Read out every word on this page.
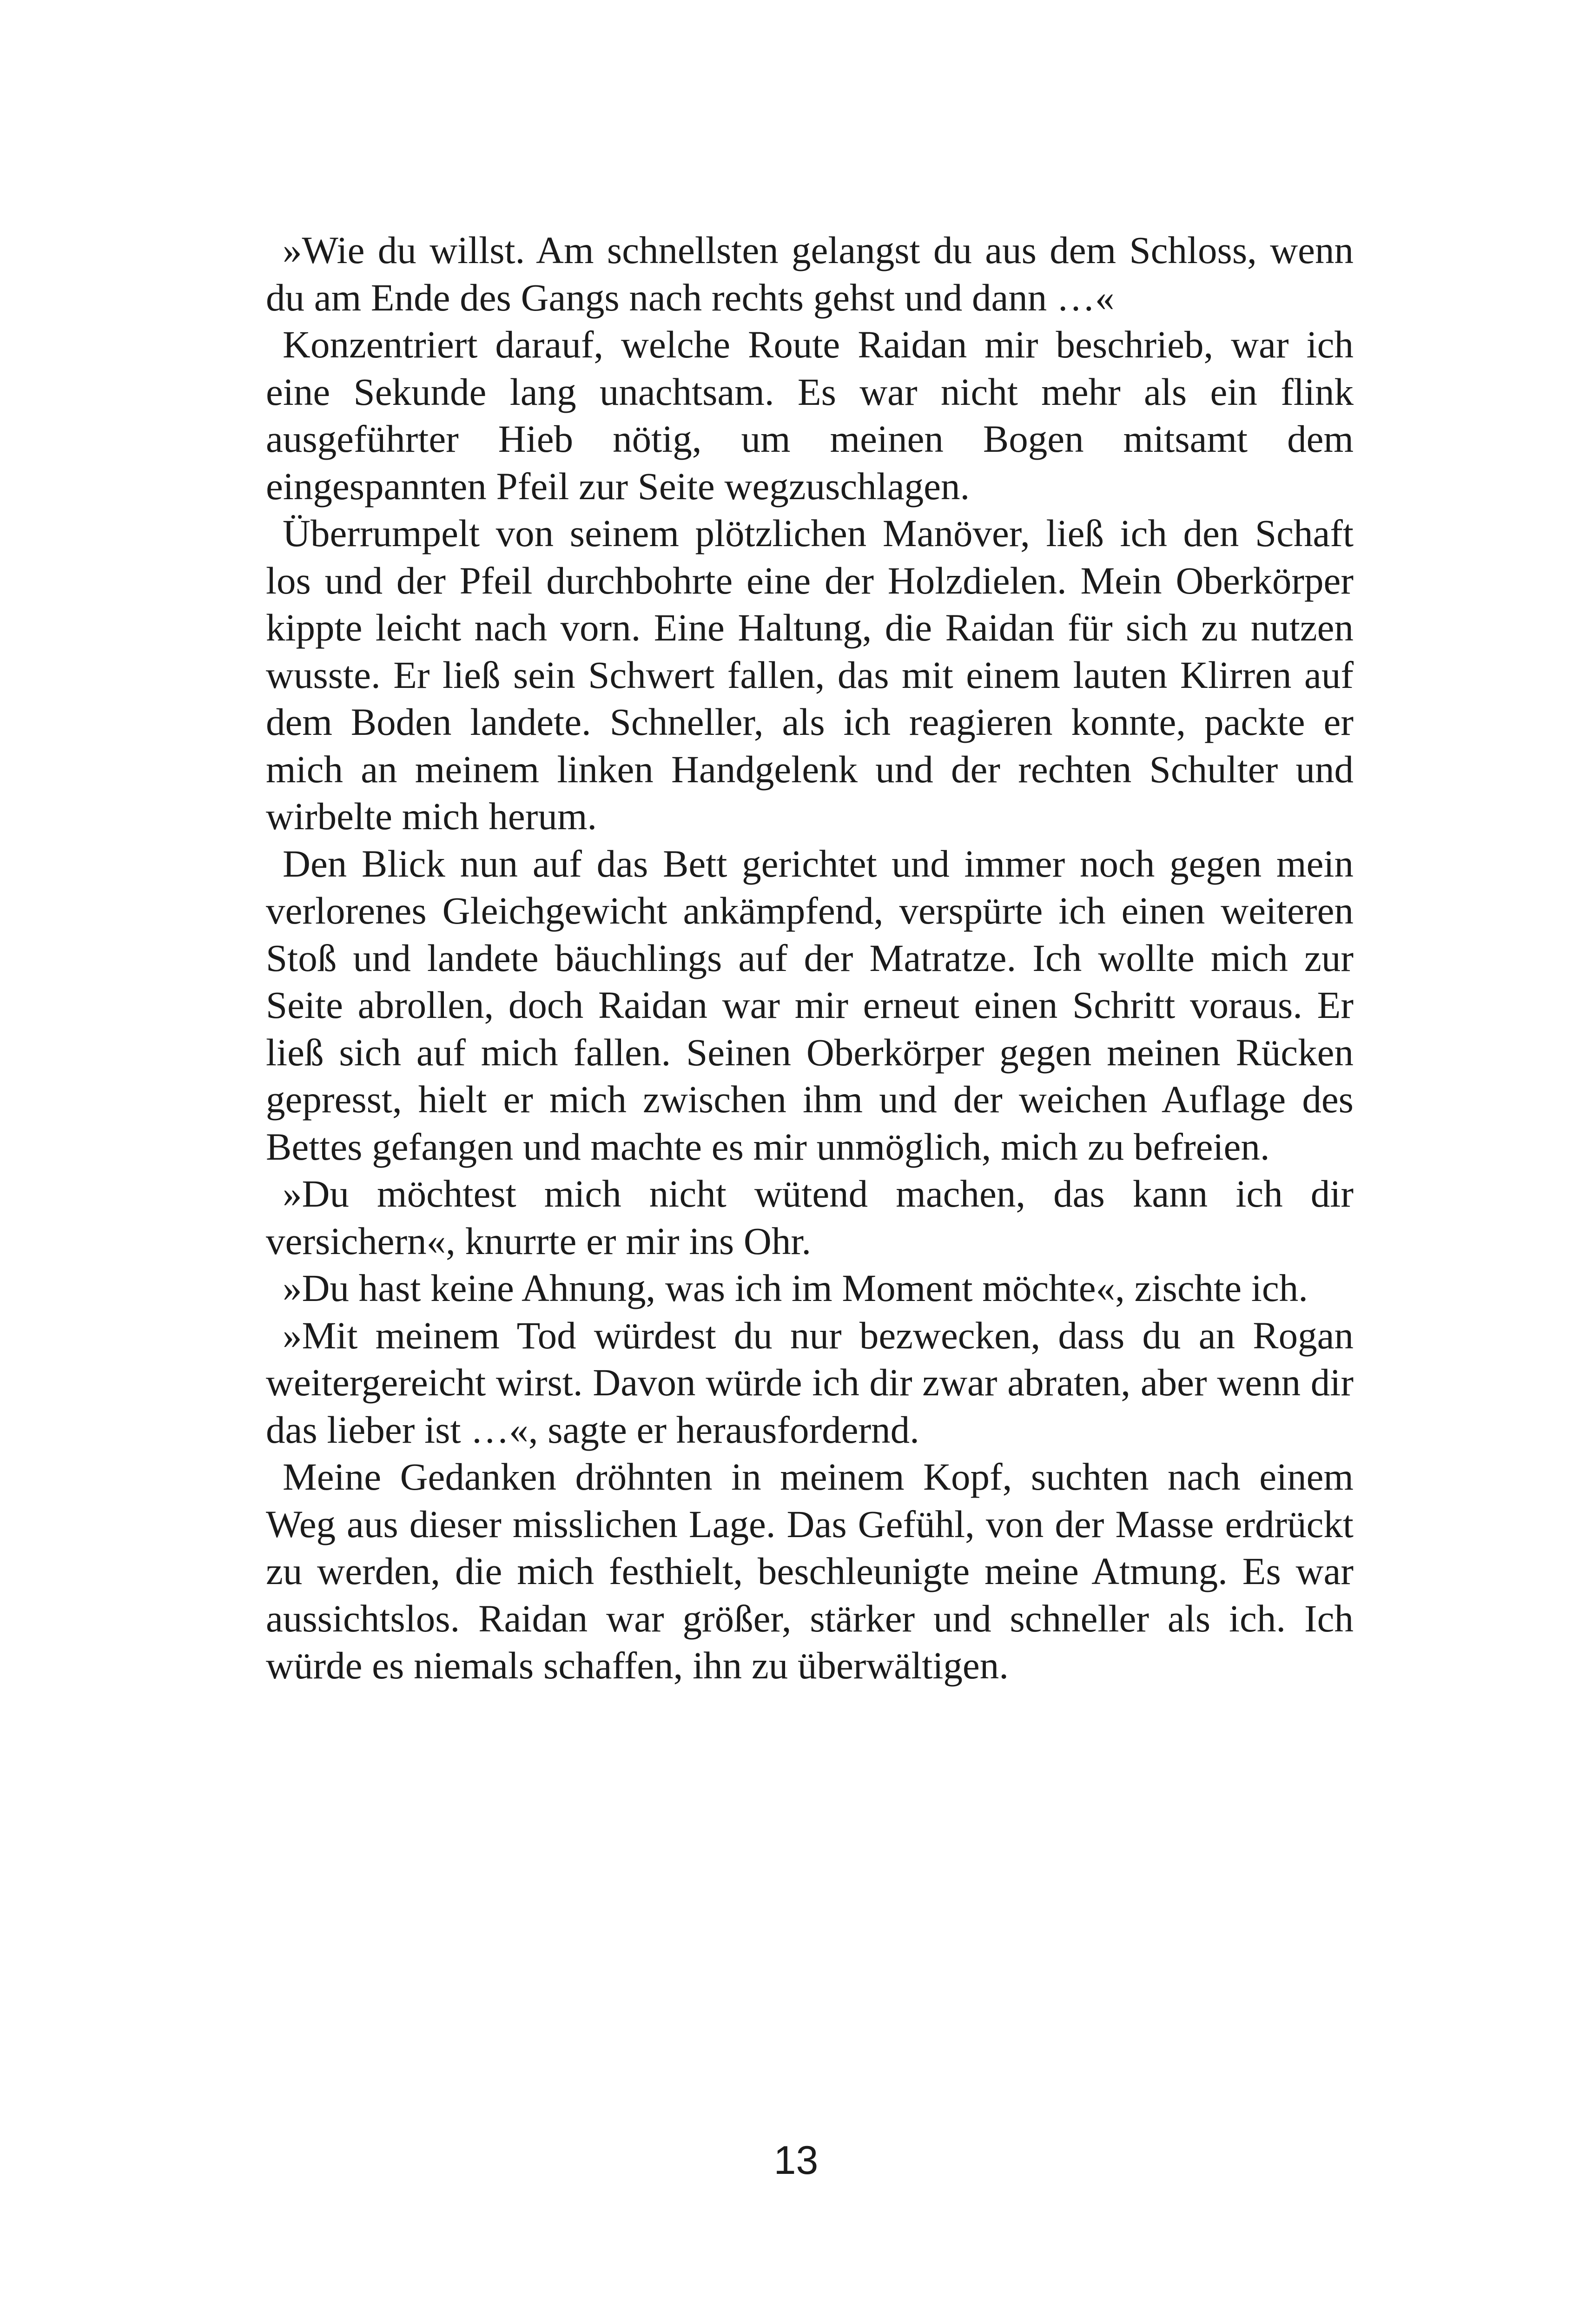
»Wie du willst. Am schnellsten gelangst du aus dem Schloss, wenn du am Ende des Gangs nach rechts gehst und dann …«

Konzentriert darauf, welche Route Raidan mir beschrieb, war ich eine Sekunde lang unachtsam. Es war nicht mehr als ein flink ausgeführter Hieb nötig, um meinen Bogen mitsamt dem eingespannten Pfeil zur Seite wegzuschlagen.

Überrumpelt von seinem plötzlichen Manöver, ließ ich den Schaft los und der Pfeil durchbohrte eine der Holzdielen. Mein Oberkörper kippte leicht nach vorn. Eine Haltung, die Raidan für sich zu nutzen wusste. Er ließ sein Schwert fallen, das mit einem lauten Klirren auf dem Boden landete. Schneller, als ich reagieren konnte, packte er mich an meinem linken Handgelenk und der rechten Schulter und wirbelte mich herum.

Den Blick nun auf das Bett gerichtet und immer noch gegen mein verlorenes Gleichgewicht ankämpfend, verspürte ich einen weiteren Stoß und landete bäuchlings auf der Matratze. Ich wollte mich zur Seite abrollen, doch Raidan war mir erneut einen Schritt voraus. Er ließ sich auf mich fallen. Seinen Oberkörper gegen meinen Rücken gepresst, hielt er mich zwischen ihm und der weichen Auflage des Bettes gefangen und machte es mir unmöglich, mich zu befreien.

»Du möchtest mich nicht wütend machen, das kann ich dir versichern«, knurrte er mir ins Ohr.

»Du hast keine Ahnung, was ich im Moment möchte«, zischte ich.

»Mit meinem Tod würdest du nur bezwecken, dass du an Rogan weitergereicht wirst. Davon würde ich dir zwar abraten, aber wenn dir das lieber ist …«, sagte er herausfordernd.

Meine Gedanken dröhnten in meinem Kopf, suchten nach einem Weg aus dieser misslichen Lage. Das Gefühl, von der Masse erdrückt zu werden, die mich festhielt, beschleunigte meine Atmung. Es war aussichtslos. Raidan war größer, stärker und schneller als ich. Ich würde es niemals schaffen, ihn zu überwältigen.

13
